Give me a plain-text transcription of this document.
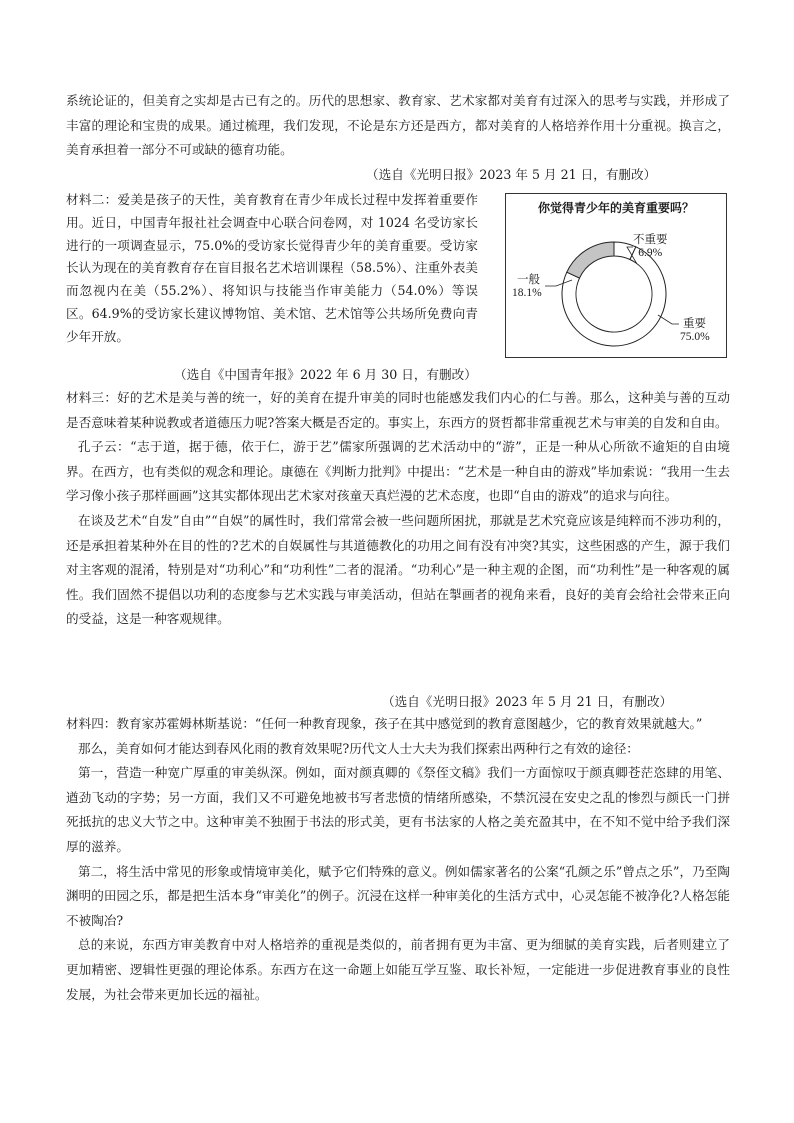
系统论证的，但美育之实却是古已有之的。历代的思想家、教育家、艺术家都对美育有过深入的思考与实践，并形成了丰富的理论和宝贵的成果。通过梳理，我们发现，不论是东方还是西方，都对美育的人格培养作用十分重视。换言之，美育承担着一部分不可或缺的德育功能。

（选自《光明日报》2023 年 5 月 21 日，有删改）

材料二：爱美是孩子的天性，美育教育在青少年成长过程中发挥着重要作用。近日，中国青年报社社会调查中心联合问卷网，对 1024 名受访家长进行的一项调查显示，75.0%的受访家长觉得青少年的美育重要。受访家长认为现在的美育教育存在盲目报名艺术培训课程（58.5%）、注重外表美而忽视内在美（55.2%）、将知识与技能当作审美能力（54.0%）等误区。64.9%的受访家长建议博物馆、美术馆、艺术馆等公共场所免费向青少年开放。

（选自《中国青年报》2022 年 6 月 30 日，有删改）
你觉得青少年的美育重要吗？
不重要
6.9%
一般
18.1%
重要
75.0%

材料三：好的艺术是美与善的统一，好的美育在提升审美的同时也能感发我们内心的仁与善。那么，这种美与善的互动是否意味着某种说教或者道德压力呢?答案大概是否定的。事实上，东西方的贤哲都非常重视艺术与审美的自发和自由。

孔子云：“志于道，据于德，依于仁，游于艺”儒家所强调的艺术活动中的“游”，正是一种从心所欲不逾矩的自由境界。在西方，也有类似的观念和理论。康德在《判断力批判》中提出：“艺术是一种自由的游戏”毕加索说：“我用一生去学习像小孩子那样画画”这其实都体现出艺术家对孩童天真烂漫的艺术态度，也即“自由的游戏”的追求与向往。

在谈及艺术“自发”自由”“自娱”的属性时，我们常常会被一些问题所困扰，那就是艺术究竟应该是纯粹而不涉功利的，还是承担着某种外在目的性的?艺术的自娱属性与其道德教化的功用之间有没有冲突?其实，这些困惑的产生，源于我们对主客观的混淆，特别是对“功利心”和“功利性”二者的混淆。“功利心”是一种主观的企图，而“功利性”是一种客观的属性。我们固然不提倡以功利的态度参与艺术实践与审美活动，但站在掣画者的视角来看，良好的美育会给社会带来正向的受益，这是一种客观规律。

（选自《光明日报》2023 年 5 月 21 日，有删改）

材料四：教育家苏霍姆林斯基说：“任何一种教育现象，孩子在其中感觉到的教育意图越少，它的教育效果就越大。”

那么，美育如何才能达到春风化雨的教育效果呢?历代文人士大夫为我们探索出两种行之有效的途径：

第一，营造一种宽广厚重的审美纵深。例如，面对颜真卿的《祭侄文稿》我们一方面惊叹于颜真卿苍茫恣肆的用笔、遒劲飞动的字势；另一方面，我们又不可避免地被书写者悲愤的情绪所感染，不禁沉浸在安史之乱的惨烈与颜氏一门拼死抵抗的忠义大节之中。这种审美不独囿于书法的形式美，更有书法家的人格之美充盈其中，在不知不觉中给予我们深厚的滋养。

第二，将生活中常见的形象或情境审美化，赋予它们特殊的意义。例如儒家著名的公案“孔颜之乐”曾点之乐”，乃至陶渊明的田园之乐，都是把生活本身“审美化”的例子。沉浸在这样一种审美化的生活方式中，心灵怎能不被净化?人格怎能不被陶冶?

总的来说，东西方审美教育中对人格培养的重视是类似的，前者拥有更为丰富、更为细腻的美育实践，后者则建立了更加精密、逻辑性更强的理论体系。东西方在这一命题上如能互学互鉴、取长补短，一定能进一步促进教育事业的良性发展，为社会带来更加长远的福祉。
